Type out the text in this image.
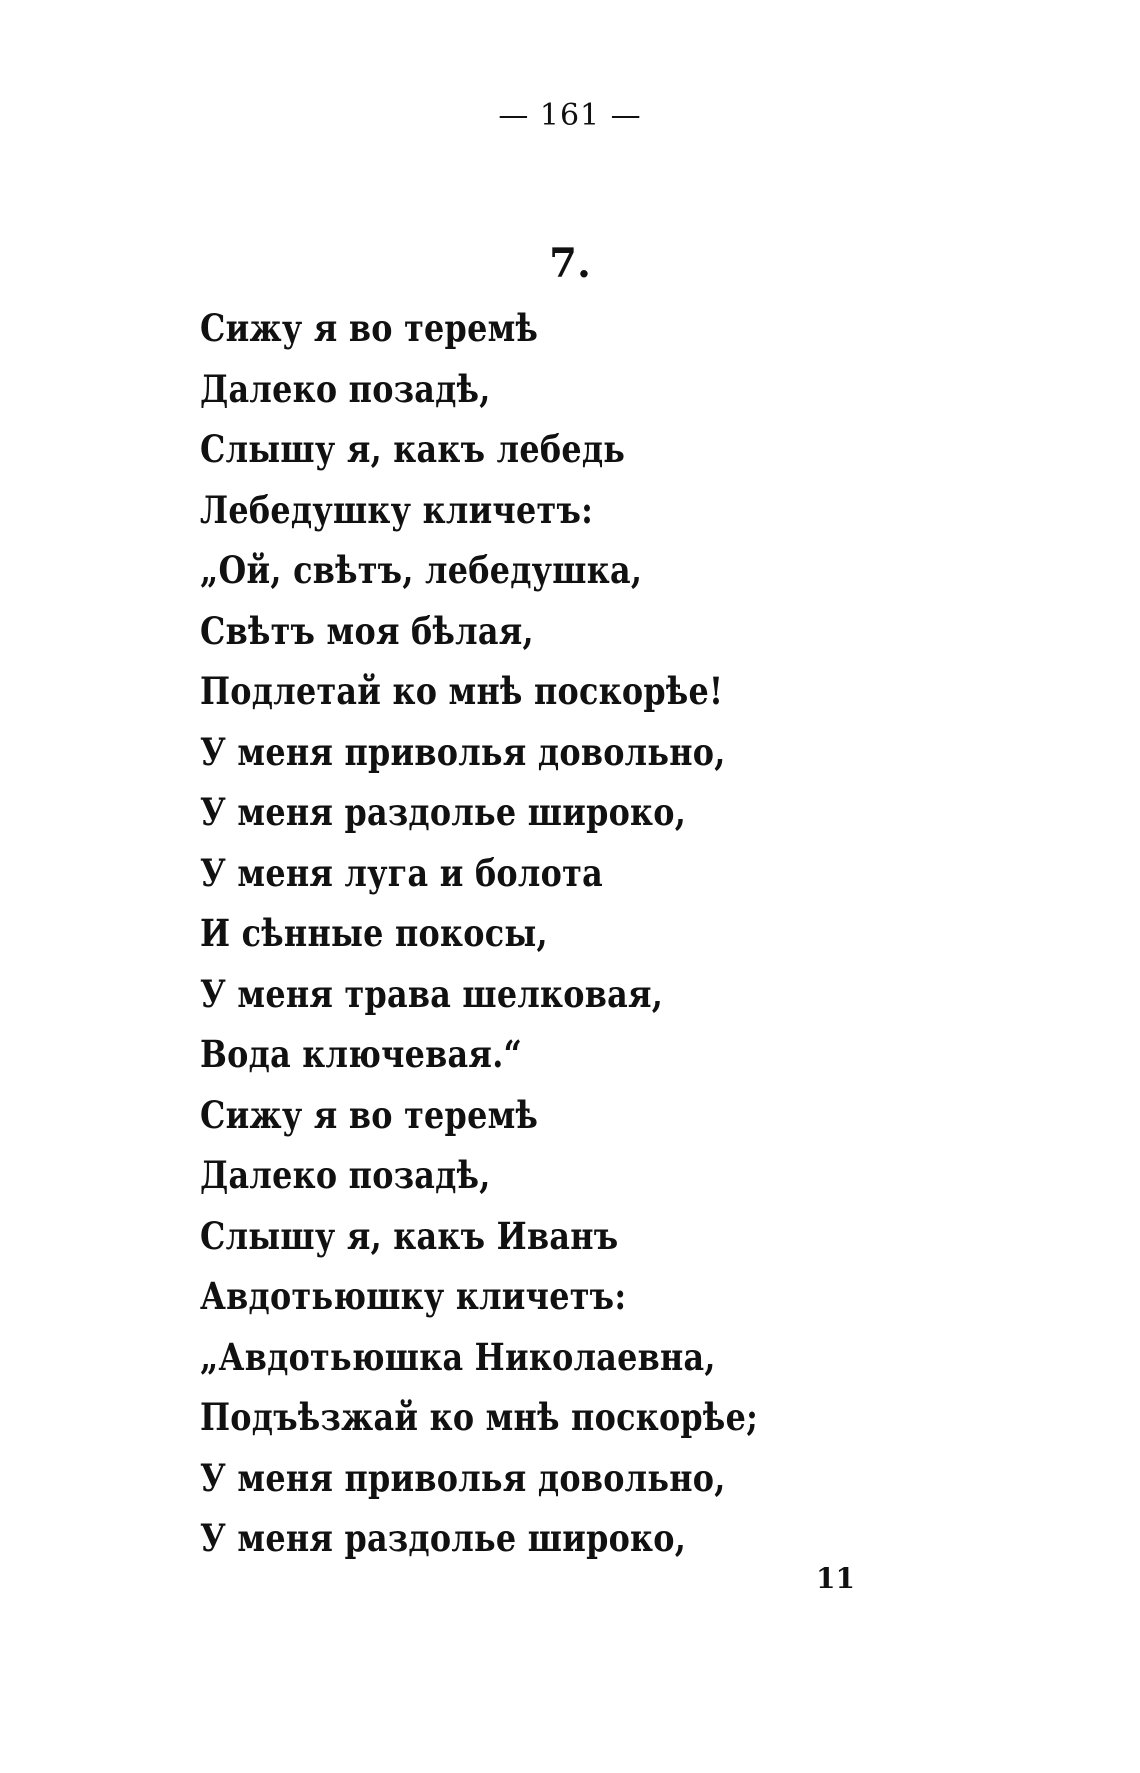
— 161 —
7.
Сижу я во теремѣ
Далеко позадѣ,
Слышу я, какъ лебедь
Лебедушку кличетъ:
„Ой, свѣтъ, лебедушка,
Свѣтъ моя бѣлая,
Подлетай ко мнѣ поскорѣе!
У меня приволья довольно,
У меня раздолье широко,
У меня луга и болота
И сѣнные покосы,
У меня трава шелковая,
Вода ключевая.“
Сижу я во теремѣ
Далеко позадѣ,
Слышу я, какъ Иванъ
Авдотьюшку кличетъ:
„Авдотьюшка Николаевна,
Подъѣзжай ко мнѣ поскорѣе;
У меня приволья довольно,
У меня раздолье широко,
11
